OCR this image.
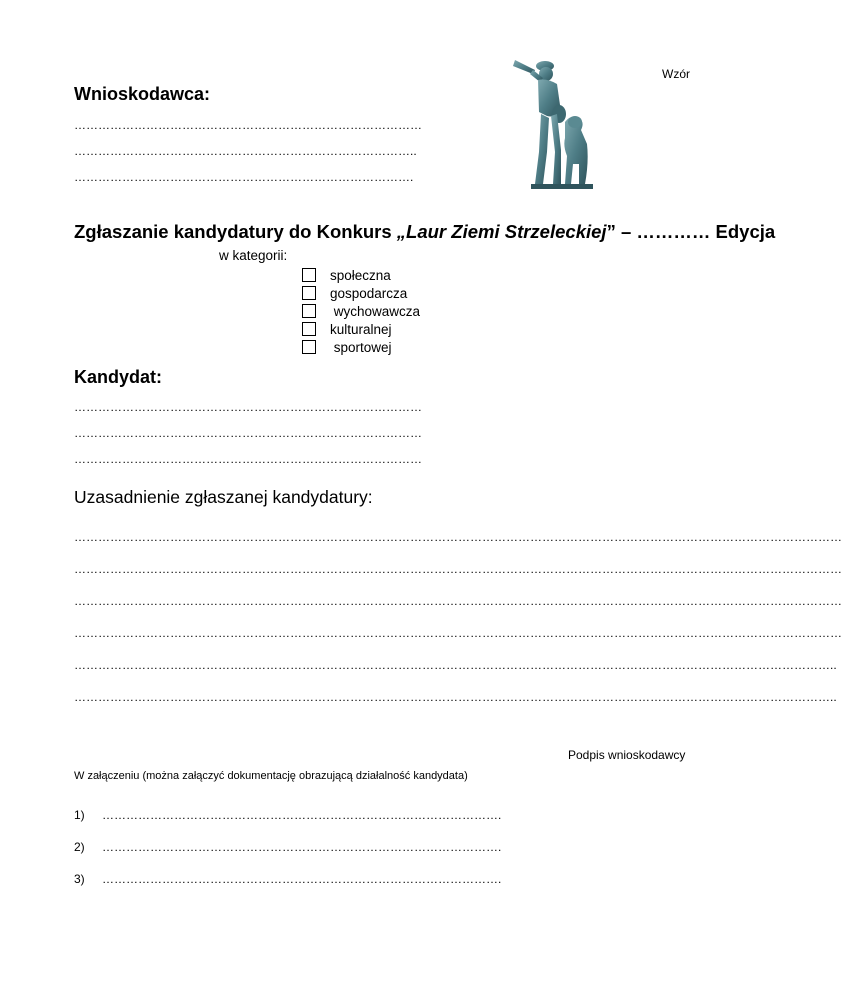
Wzór
Wnioskodawca:
……………………………………………………………………………
…………………………………………………………………………..
………………………………………………………………………….
Zgłaszanie kandydatury do Konkurs „Laur Ziemi Strzeleckiej” – ………… Edycja
w kategorii:
społeczna
gospodarcza
wychowawcza
kulturalnej
sportowej
Kandydat:
……………………………………………………………………………
……………………………………………………………………………
……………………………………………………………………………
Uzasadnienie zgłaszanej kandydatury:
…………………………………………………………………………………………………………………………………………………………………………
…………………………………………………………………………………………………………………………………………………………………………
…………………………………………………………………………………………………………………………………………………………………………
…………………………………………………………………………………………………………………………………………………………………………
………………………………………………………………………………………………………………………………………………………………………..
………………………………………………………………………………………………………………………………………………………………………..
Podpis wnioskodawcy
W załączeniu (można załączyć dokumentację obrazującą działalność kandydata)
1) ……………………………………………………………………………………….
2) ……………………………………………………………………………………….
3) ……………………………………………………………………………………….
